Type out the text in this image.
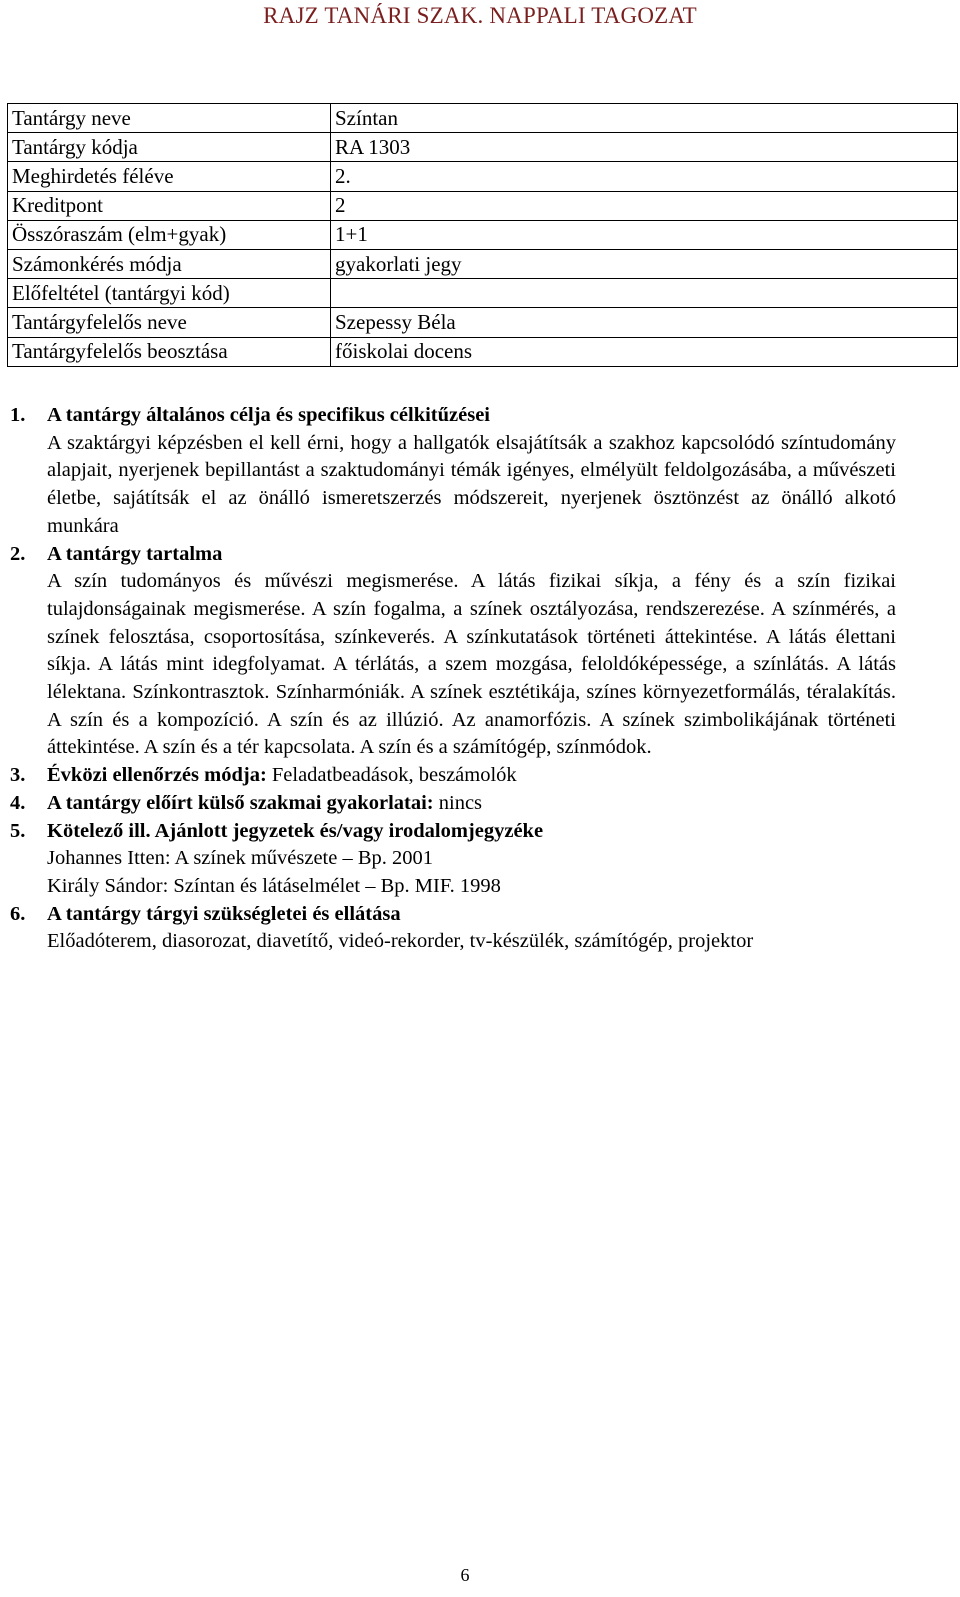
RAJZ TANÁRI SZAK. NAPPALI TAGOZAT
Tantárgy neve	Színtan
Tantárgy kódja	RA 1303
Meghirdetés féléve	2.
Kreditpont	2
Összóraszám (elm+gyak)	1+1
Számonkérés módja	gyakorlati jegy
Előfeltétel (tantárgyi kód)	
Tantárgyfelelős neve	Szepessy Béla
Tantárgyfelelős beosztása	főiskolai docens
1.	A tantárgy általános célja és specifikus célkitűzései
A szaktárgyi képzésben el kell érni, hogy a hallgatók elsajátítsák a szakhoz kapcsolódó színtudomány alapjait, nyerjenek bepillantást a szaktudományi témák igényes, elmélyült feldolgozásába, a művészeti életbe, sajátítsák el az önálló ismeretszerzés módszereit, nyerjenek ösztönzést az önálló alkotó munkára
2.	A tantárgy tartalma
A szín tudományos és művészi megismerése. A látás fizikai síkja, a fény és a szín fizikai tulajdonságainak megismerése. A szín fogalma, a színek osztályozása, rendszerezése. A színmérés, a színek felosztása, csoportosítása, színkeverés. A színkutatások történeti áttekintése. A látás élettani síkja. A látás mint idegfolyamat. A térlátás, a szem mozgása, feloldóképessége, a színlátás. A látás lélektana. Színkontrasztok. Színharmóniák. A színek esztétikája, színes környezetformálás, téralakítás. A szín és a kompozíció. A szín és az illúzió. Az anamorfózis. A színek szimbolikájának történeti áttekintése. A szín és a tér kapcsolata. A szín és a számítógép, színmódok.
3.	Évközi ellenőrzés módja: Feladatbeadások, beszámolók
4.	A tantárgy előírt külső szakmai gyakorlatai: nincs
5.	Kötelező ill. Ajánlott jegyzetek és/vagy irodalomjegyzéke
Johannes Itten: A színek művészete – Bp. 2001
Király Sándor: Színtan és látáselmélet – Bp. MIF. 1998
6.	A tantárgy tárgyi szükségletei és ellátása
Előadóterem, diasorozat, diavetítő, videó-rekorder, tv-készülék, számítógép, projektor
6
